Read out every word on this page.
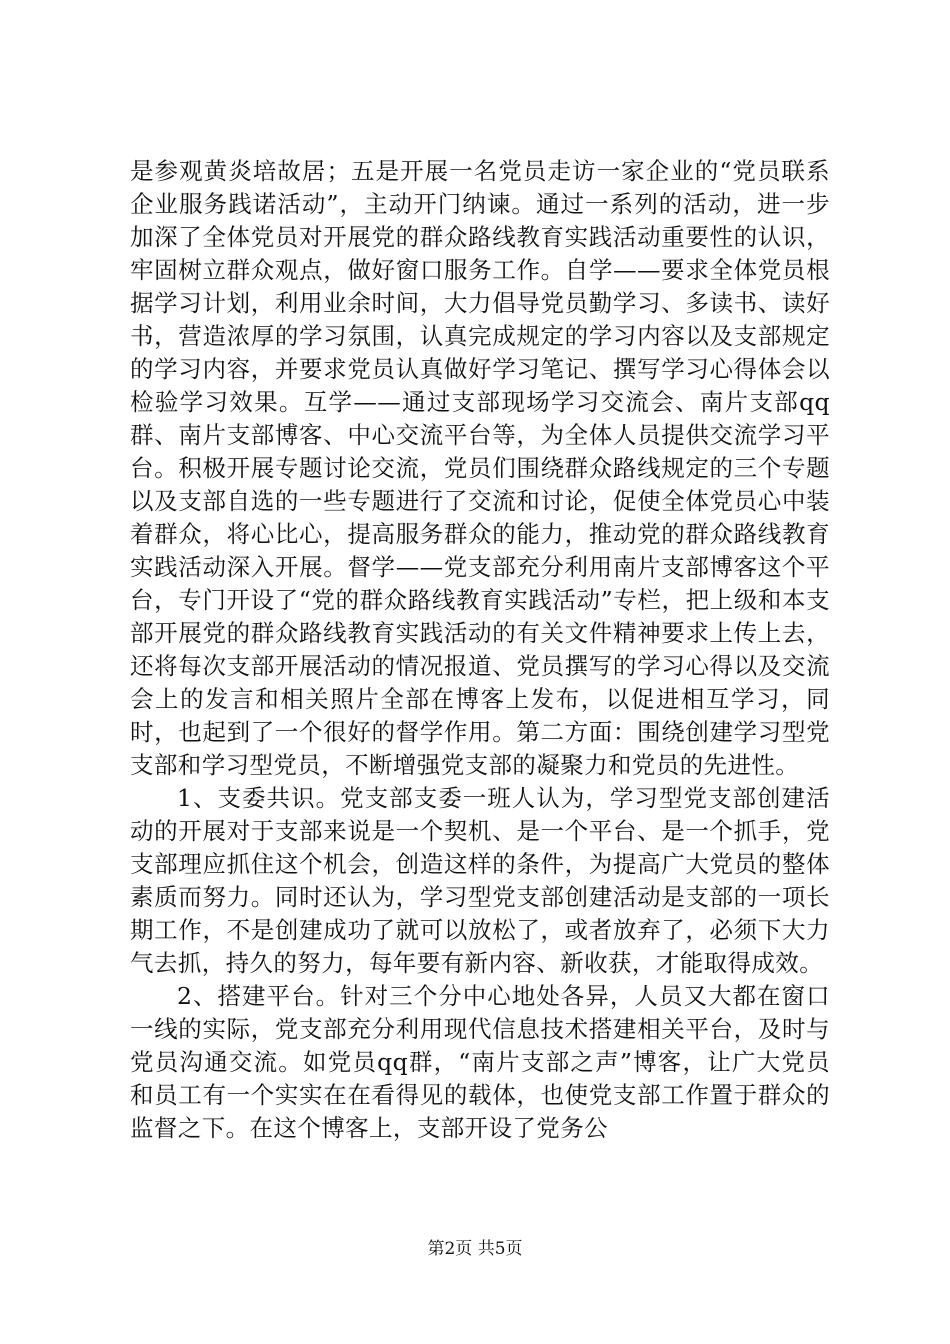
是参观黄炎培故居；五是开展一名党员走访一家企业的“党员联系企业服务践诺活动”，主动开门纳谏。通过一系列的活动，进一步加深了全体党员对开展党的群众路线教育实践活动重要性的认识，牢固树立群众观点，做好窗口服务工作。自学——要求全体党员根据学习计划，利用业余时间，大力倡导党员勤学习、多读书、读好书，营造浓厚的学习氛围，认真完成规定的学习内容以及支部规定的学习内容，并要求党员认真做好学习笔记、撰写学习心得体会以检验学习效果。互学——通过支部现场学习交流会、南片支部qq群、南片支部博客、中心交流平台等，为全体人员提供交流学习平台。积极开展专题讨论交流，党员们围绕群众路线规定的三个专题以及支部自选的一些专题进行了交流和讨论，促使全体党员心中装着群众，将心比心，提高服务群众的能力，推动党的群众路线教育实践活动深入开展。督学——党支部充分利用南片支部博客这个平台，专门开设了“党的群众路线教育实践活动”专栏，把上级和本支部开展党的群众路线教育实践活动的有关文件精神要求上传上去，还将每次支部开展活动的情况报道、党员撰写的学习心得以及交流会上的发言和相关照片全部在博客上发布，以促进相互学习，同时，也起到了一个很好的督学作用。第二方面：围绕创建学习型党支部和学习型党员，不断增强党支部的凝聚力和党员的先进性。

1、支委共识。党支部支委一班人认为，学习型党支部创建活动的开展对于支部来说是一个契机、是一个平台、是一个抓手，党支部理应抓住这个机会，创造这样的条件，为提高广大党员的整体素质而努力。同时还认为，学习型党支部创建活动是支部的一项长期工作，不是创建成功了就可以放松了，或者放弃了，必须下大力气去抓，持久的努力，每年要有新内容、新收获，才能取得成效。

2、搭建平台。针对三个分中心地处各异，人员又大都在窗口一线的实际，党支部充分利用现代信息技术搭建相关平台，及时与党员沟通交流。如党员qq群，“南片支部之声”博客，让广大党员和员工有一个实实在在看得见的载体，也使党支部工作置于群众的监督之下。在这个博客上，支部开设了党务公

第2页 共5页
